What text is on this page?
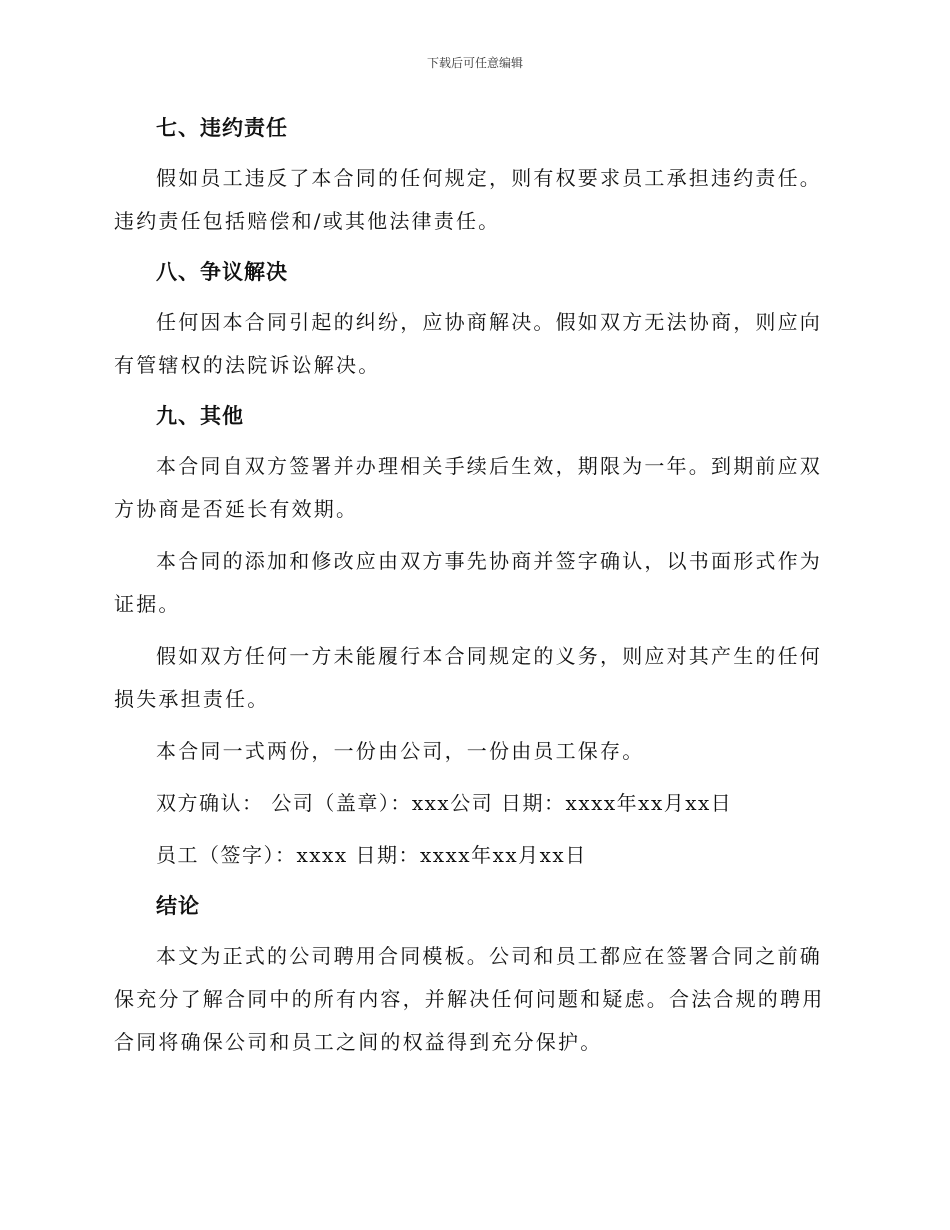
下载后可任意编辑
七、违约责任

假如员工违反了本合同的任何规定，则有权要求员工承担违约责任。违约责任包括赔偿和/或其他法律责任。

八、争议解决

任何因本合同引起的纠纷，应协商解决。假如双方无法协商，则应向有管辖权的法院诉讼解决。

九、其他

本合同自双方签署并办理相关手续后生效，期限为一年。到期前应双方协商是否延长有效期。

本合同的添加和修改应由双方事先协商并签字确认，以书面形式作为证据。

假如双方任何一方未能履行本合同规定的义务，则应对其产生的任何损失承担责任。

本合同一式两份，一份由公司，一份由员工保存。

双方确认： 公司（盖章）：xxx公司 日期：xxxx年xx月xx日

员工（签字）：xxxx 日期：xxxx年xx月xx日

结论

本文为正式的公司聘用合同模板。公司和员工都应在签署合同之前确保充分了解合同中的所有内容，并解决任何问题和疑虑。合法合规的聘用合同将确保公司和员工之间的权益得到充分保护。
